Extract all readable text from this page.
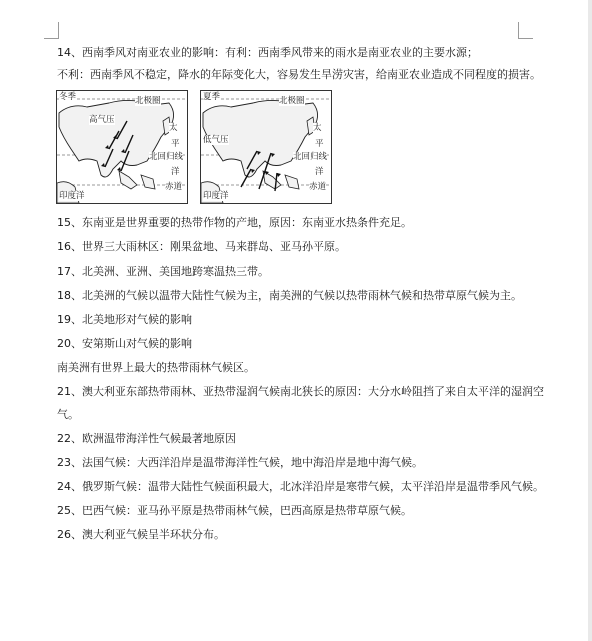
14、西南季风对南亚农业的影响：有利：西南季风带来的雨水是南亚农业的主要水源；
不利：西南季风不稳定，降水的年际变化大，容易发生旱涝灾害，给南亚农业造成不同程度的损害。
冬季	北极圈
高气压
太
平
北回归线
洋
赤道
印度洋
夏季	北极圈
低气压
太
平
北回归线
洋
赤道
印度洋
15、东南亚是世界重要的热带作物的产地，原因：东南亚水热条件充足。
16、世界三大雨林区：刚果盆地、马来群岛、亚马孙平原。
17、北美洲、亚洲、美国地跨寒温热三带。
18、北美洲的气候以温带大陆性气候为主，南美洲的气候以热带雨林气候和热带草原气候为主。
19、北美地形对气候的影响
20、安第斯山对气候的影响
南美洲有世界上最大的热带雨林气候区。
21、澳大利亚东部热带雨林、亚热带湿润气候南北狭长的原因：大分水岭阻挡了来自太平洋的湿润空
气。
22、欧洲温带海洋性气候最著地原因
23、法国气候：大西洋沿岸是温带海洋性气候，地中海沿岸是地中海气候。
24、俄罗斯气候：温带大陆性气候面积最大，北冰洋沿岸是寒带气候，太平洋沿岸是温带季风气候。
25、巴西气候：亚马孙平原是热带雨林气候，巴西高原是热带草原气候。
26、澳大利亚气候呈半环状分布。
